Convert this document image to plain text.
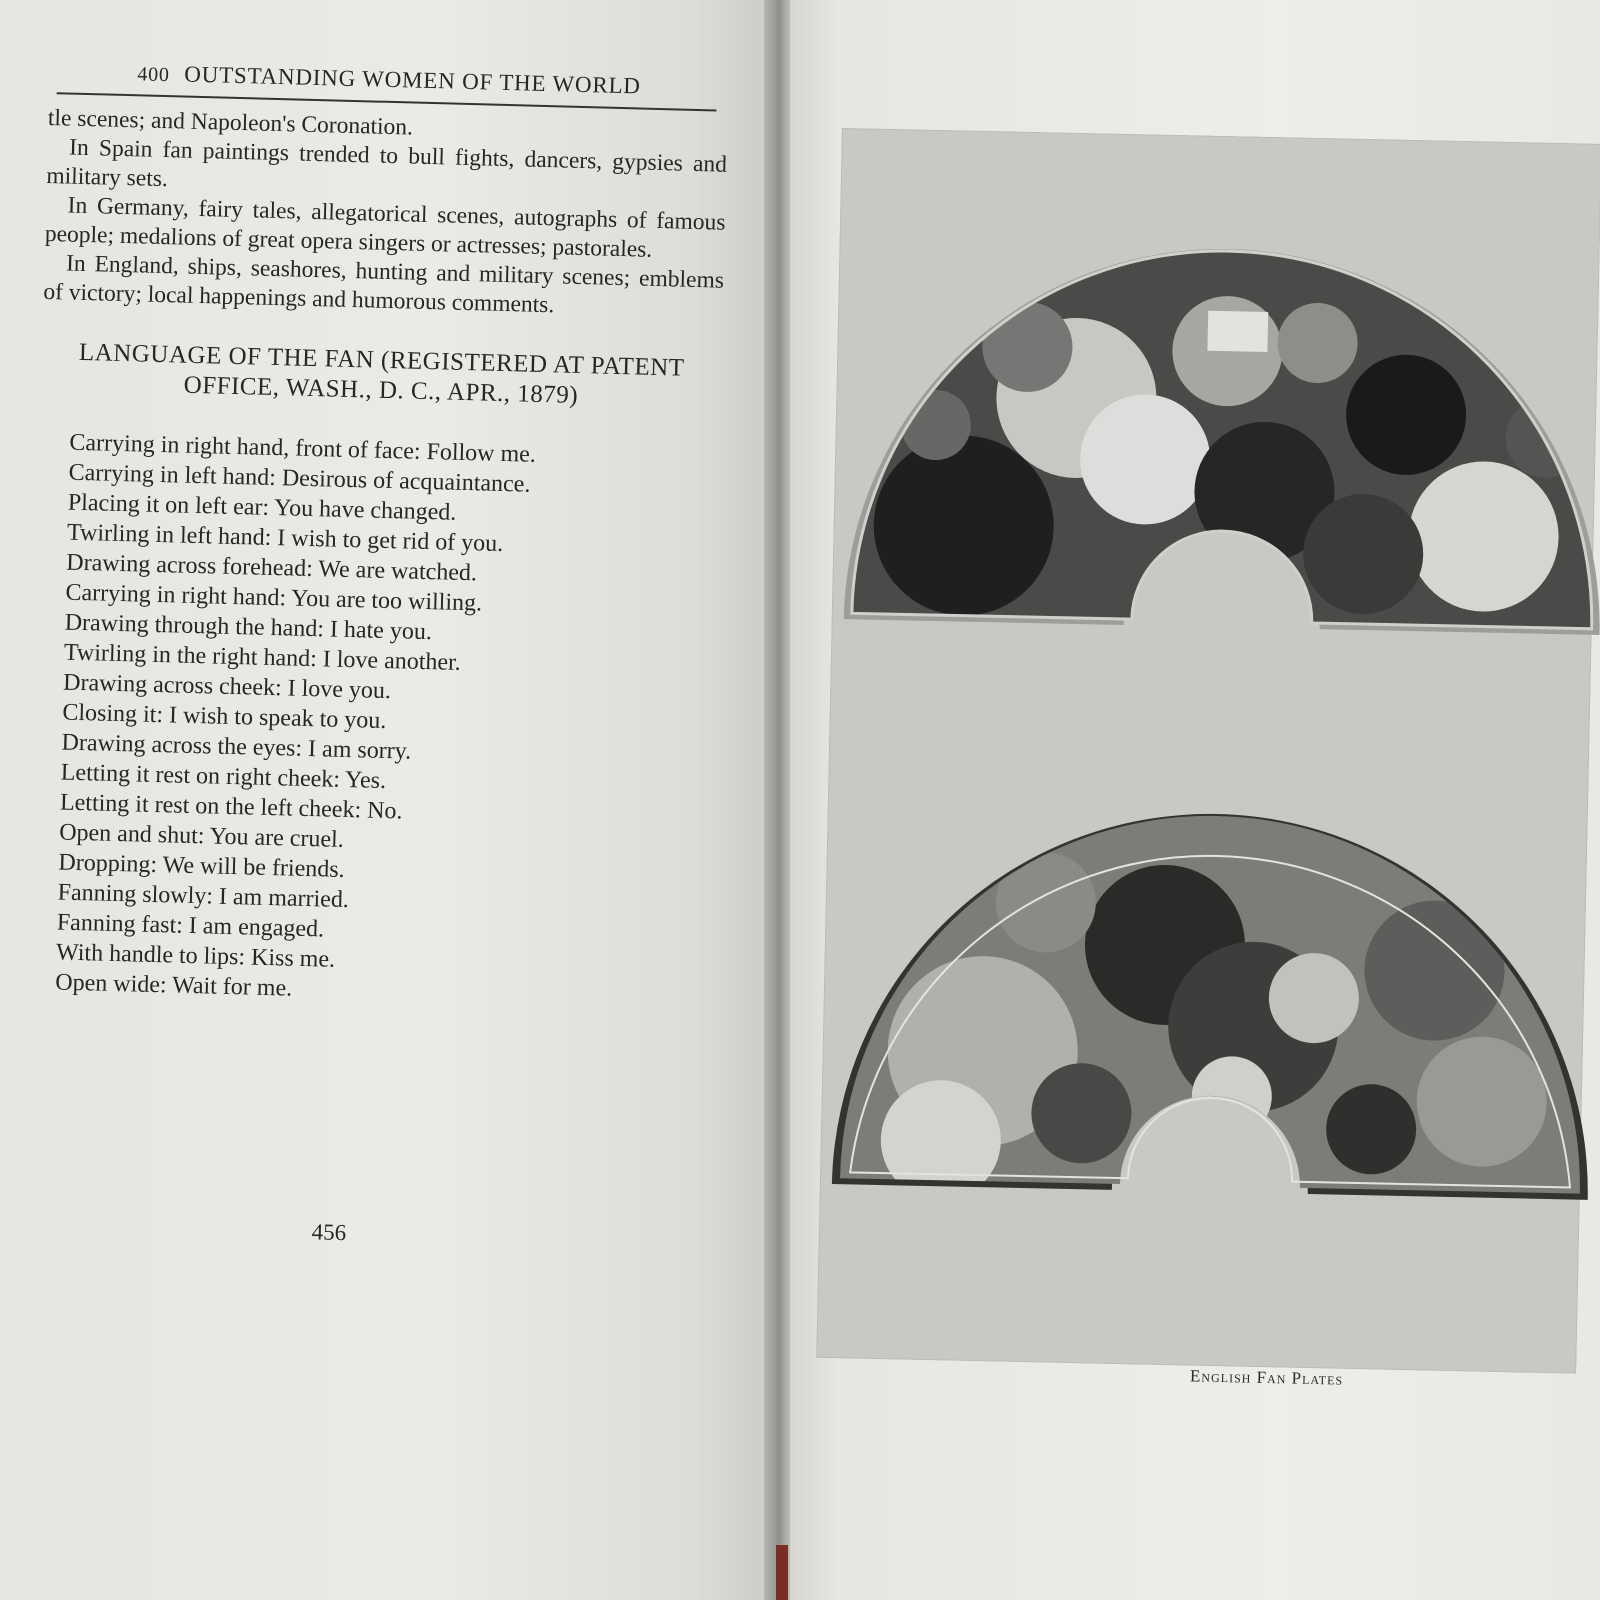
400 OUTSTANDING WOMEN OF THE WORLD

tle scenes; and Napoleon's Coronation.

In Spain fan paintings trended to bull fights, dancers, gypsies and military sets.

In Germany, fairy tales, allegatorical scenes, autographs of famous people; medalions of great opera singers or actresses; pastorales.

In England, ships, seashores, hunting and military scenes; emblems of victory; local happenings and humorous comments.

LANGUAGE OF THE FAN (REGISTERED AT PATENT
OFFICE, WASH., D. C., APR., 1879)
Carrying in right hand, front of face: Follow me.
Carrying in left hand: Desirous of acquaintance.
Placing it on left ear: You have changed.
Twirling in left hand: I wish to get rid of you.
Drawing across forehead: We are watched.
Carrying in right hand: You are too willing.
Drawing through the hand: I hate you.
Twirling in the right hand: I love another.
Drawing across cheek: I love you.
Closing it: I wish to speak to you.
Drawing across the eyes: I am sorry.
Letting it rest on right cheek: Yes.
Letting it rest on the left cheek: No.
Open and shut: You are cruel.
Dropping: We will be friends.
Fanning slowly: I am married.
Fanning fast: I am engaged.
With handle to lips: Kiss me.
Open wide: Wait for me.
456
English Fan Plates
